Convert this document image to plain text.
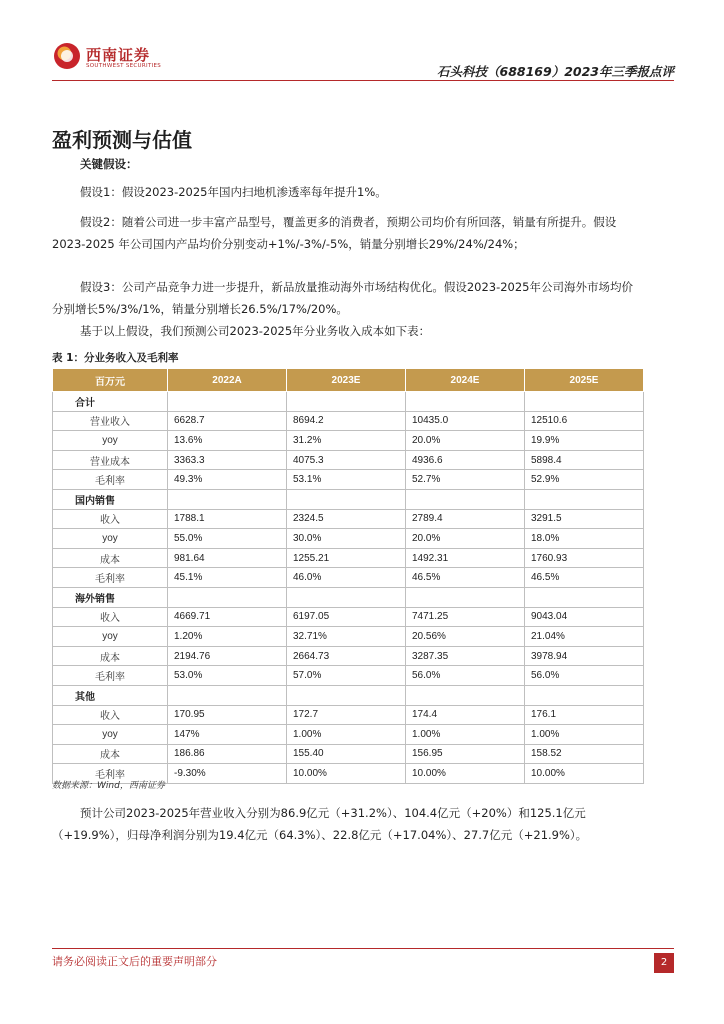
西南证券
SOUTHWEST SECURITIES	石头科技（688169）2023年三季报点评
盈利预测与估值
关键假设：
假设1：假设2023-2025年国内扫地机渗透率每年提升1%。
假设2：随着公司进一步丰富产品型号，覆盖更多的消费者，预期公司均价有所回落，销量有所提升。假设 2023-2025 年公司国内产品均价分别变动+1%/-3%/-5%，销量分别增长29%/24%/24%；
假设3：公司产品竞争力进一步提升，新品放量推动海外市场结构优化。假设2023-2025年公司海外市场均价分别增长5%/3%/1%，销量分别增长26.5%/17%/20%。
基于以上假设，我们预测公司2023-2025年分业务收入成本如下表：
表 1：分业务收入及毛利率
百万元	2022A	2023E	2024E	2025E
合计				
营业收入	6628.7	8694.2	10435.0	12510.6
yoy	13.6%	31.2%	20.0%	19.9%
营业成本	3363.3	4075.3	4936.6	5898.4
毛利率	49.3%	53.1%	52.7%	52.9%
国内销售				
收入	1788.1	2324.5	2789.4	3291.5
yoy	55.0%	30.0%	20.0%	18.0%
成本	981.64	1255.21	1492.31	1760.93
毛利率	45.1%	46.0%	46.5%	46.5%
海外销售				
收入	4669.71	6197.05	7471.25	9043.04
yoy	1.20%	32.71%	20.56%	21.04%
成本	2194.76	2664.73	3287.35	3978.94
毛利率	53.0%	57.0%	56.0%	56.0%
其他				
收入	170.95	172.7	174.4	176.1
yoy	147%	1.00%	1.00%	1.00%
成本	186.86	155.40	156.95	158.52
毛利率	-9.30%	10.00%	10.00%	10.00%
数据来源：Wind，西南证券
预计公司2023-2025年营业收入分别为86.9亿元（+31.2%）、104.4亿元（+20%）和125.1亿元（+19.9%），归母净利润分别为19.4亿元（64.3%）、22.8亿元（+17.04%）、27.7亿元（+21.9%）。
请务必阅读正文后的重要声明部分	2
